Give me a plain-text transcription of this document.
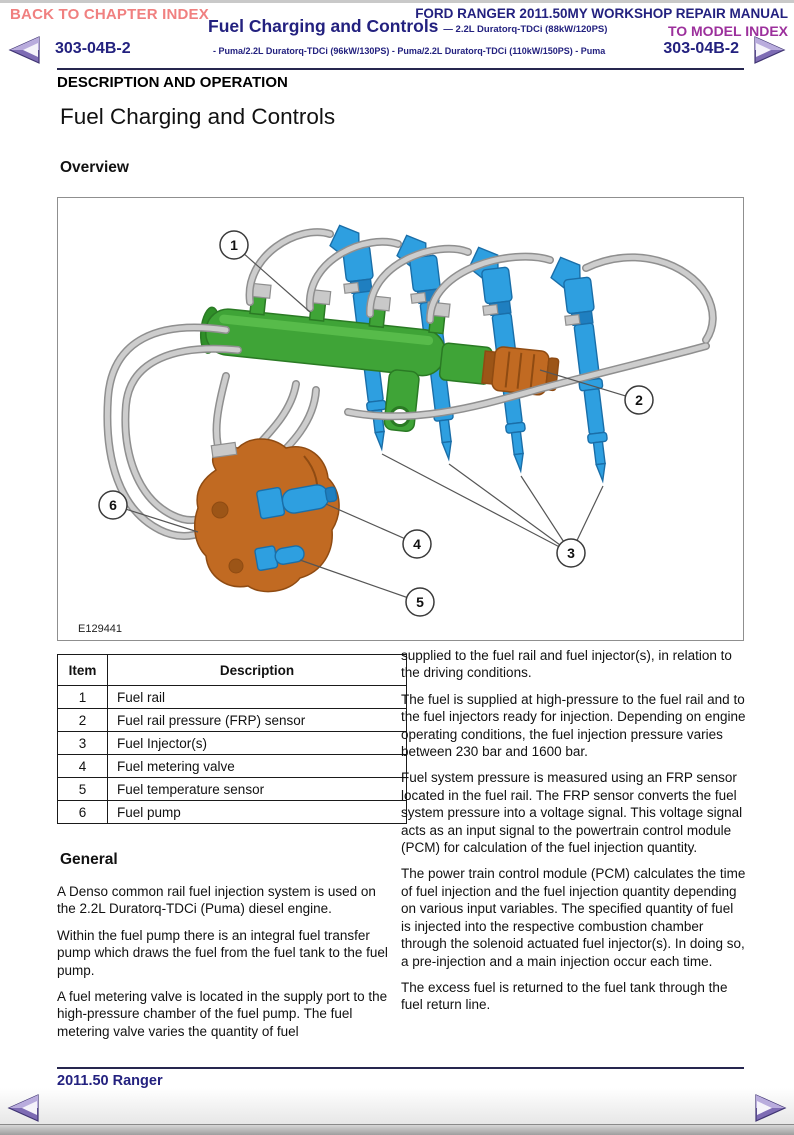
BACK TO CHAPTER INDEX	FORD RANGER 2011.50MY WORKSHOP REPAIR MANUAL
TO MODEL INDEX
Fuel Charging and Controls — 2.2L Duratorq-TDCi (88kW/120PS)
- Puma/2.2L Duratorq-TDCi (96kW/130PS) - Puma/2.2L Duratorq-TDCi (110kW/150PS) - Puma
303-04B-2	303-04B-2
DESCRIPTION AND OPERATION
Fuel Charging and Controls
Overview
1
2
3
4
5
6
E129441
Item	Description
1	Fuel rail
2	Fuel rail pressure (FRP) sensor
3	Fuel Injector(s)
4	Fuel metering valve
5	Fuel temperature sensor
6	Fuel pump
General

A Denso common rail fuel injection system is used on the 2.2L Duratorq-TDCi (Puma) diesel engine.

Within the fuel pump there is an integral fuel transfer pump which draws the fuel from the fuel tank to the fuel pump.

A fuel metering valve is located in the supply port to the high-pressure chamber of the fuel pump. The fuel metering valve varies the quantity of fuel

supplied to the fuel rail and fuel injector(s), in relation to the driving conditions.

The fuel is supplied at high-pressure to the fuel rail and to the fuel injectors ready for injection. Depending on engine operating conditions, the fuel injection pressure varies between 230 bar and 1600 bar.

Fuel system pressure is measured using an FRP sensor located in the fuel rail. The FRP sensor converts the fuel system pressure into a voltage signal. This voltage signal acts as an input signal to the powertrain control module (PCM) for calculation of the fuel injection quantity.

The power train control module (PCM) calculates the time of fuel injection and the fuel injection quantity depending on various input variables. The specified quantity of fuel is injected into the respective combustion chamber through the solenoid actuated fuel injector(s). In doing so, a pre-injection and a main injection occur each time.

The excess fuel is returned to the fuel tank through the fuel return line.

2011.50 Ranger
